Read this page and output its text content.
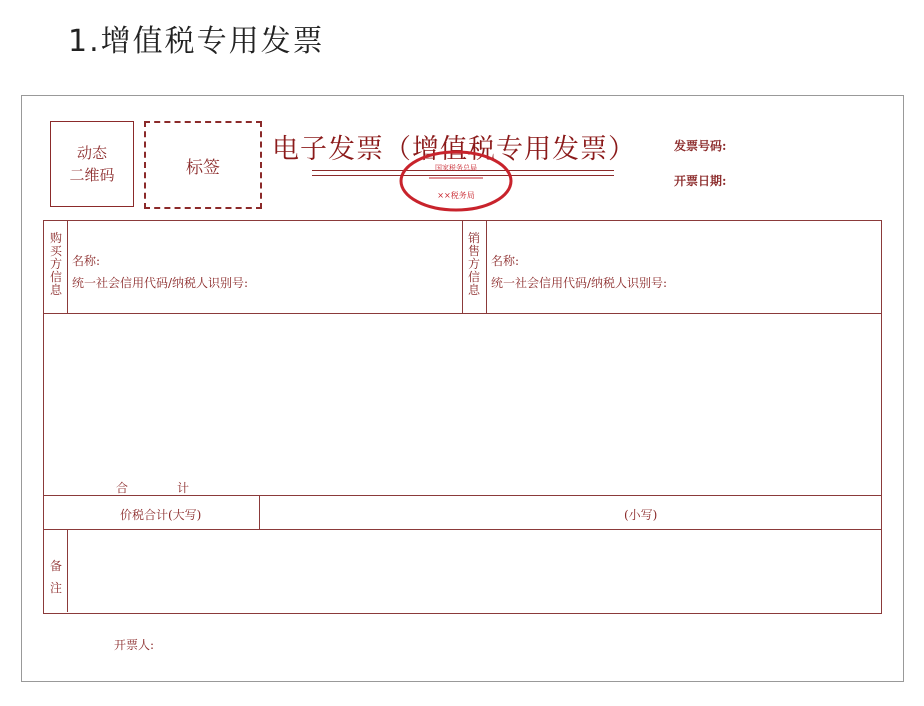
1.增值税专用发票
动态
二维码	标签
电子发票（增值税专用发票）
国家税务总局
××税务局
发票号码:
开票日期:
购
买
方
信
息
名称:
统一社会信用代码/纳税人识别号:
销
售
方
信
息
名称:
统一社会信用代码/纳税人识别号:
合	计
价税合计(大写)	(小写)
备
注
开票人:
